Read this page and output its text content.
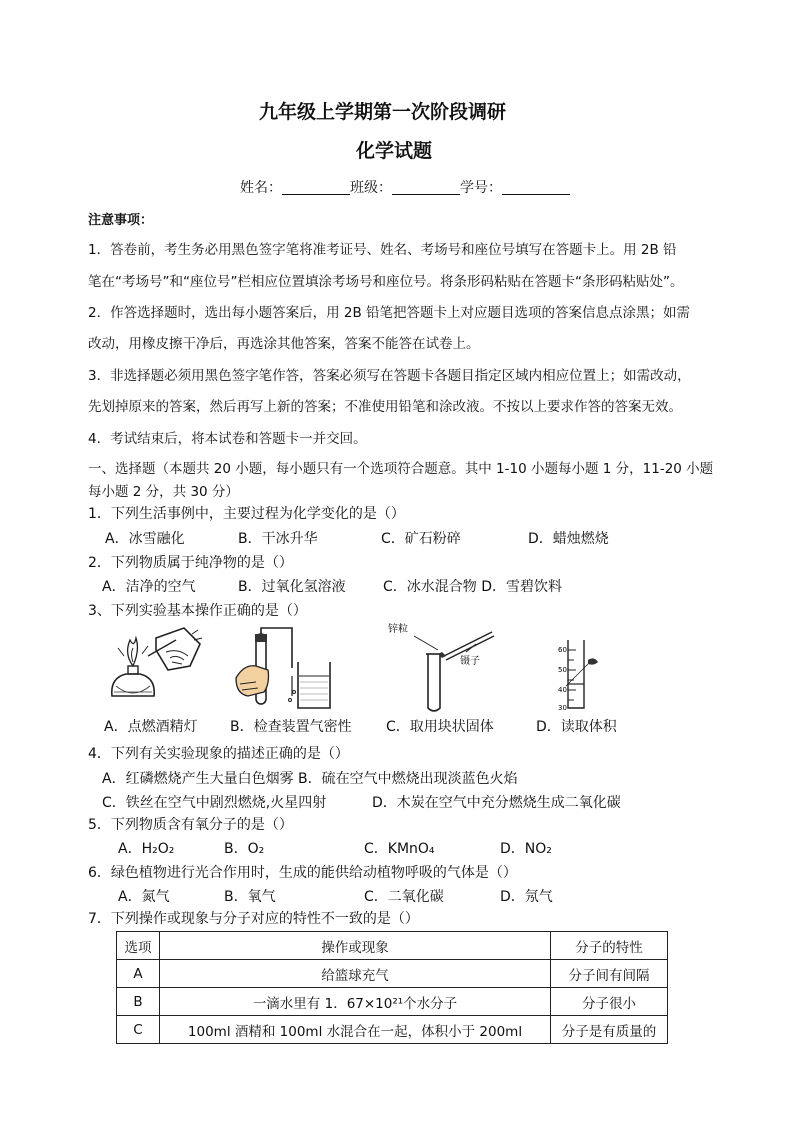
九年级上学期第一次阶段调研
化学试题
姓名：	班级：	学号：
注意事项：
1．答卷前，考生务必用黑色签字笔将准考证号、姓名、考场号和座位号填写在答题卡上。用 2B 铅
笔在“考场号”和“座位号”栏相应位置填涂考场号和座位号。将条形码粘贴在答题卡“条形码粘贴处”。
2．作答选择题时，选出每小题答案后，用 2B 铅笔把答题卡上对应题目选项的答案信息点涂黑；如需
改动，用橡皮擦干净后，再选涂其他答案，答案不能答在试卷上。
3．非选择题必须用黑色签字笔作答，答案必须写在答题卡各题目指定区域内相应位置上；如需改动，
先划掉原来的答案，然后再写上新的答案；不准使用铅笔和涂改液。不按以上要求作答的答案无效。
4．考试结束后，将本试卷和答题卡一并交回。
一、选择题（本题共 20 小题，每小题只有一个选项符合题意。其中 1-10 小题每小题 1 分，11-20 小题
每小题 2 分，共 30 分）
1．下列生活事例中，主要过程为化学变化的是（）
A．冰雪融化	B．干冰升华	C．矿石粉碎	D．蜡烛燃烧
2．下列物质属于纯净物的是（）
A．洁净的空气	B．过氧化氢溶液	C．冰水混合物 D．雪碧饮料
3、下列实验基本操作正确的是（）
锌粒
镊子
60
50
40
30
A．点燃酒精灯 B．检查装置气密性 C．取用块状固体	D．读取体积
4．下列有关实验现象的描述正确的是（）
A．红磷燃烧产生大量白色烟雾 B．硫在空气中燃烧出现淡蓝色火焰
C．铁丝在空气中剧烈燃烧,火星四射	D．木炭在空气中充分燃烧生成二氧化碳
5．下列物质含有氧分子的是（）
A．H₂O₂	B．O₂	C．KMnO₄	D．NO₂
6．绿色植物进行光合作用时，生成的能供给动植物呼吸的气体是（）
A．氮气	B．氧气	C．二氧化碳	D．氖气
7．下列操作或现象与分子对应的特性不一致的是（）
选项	操作或现象	分子的特性
A	给篮球充气	分子间有间隔
B	一滴水里有 1．67×10²¹个水分子	分子很小
C	100ml 酒精和 100ml 水混合在一起，体积小于 200ml	分子是有质量的
